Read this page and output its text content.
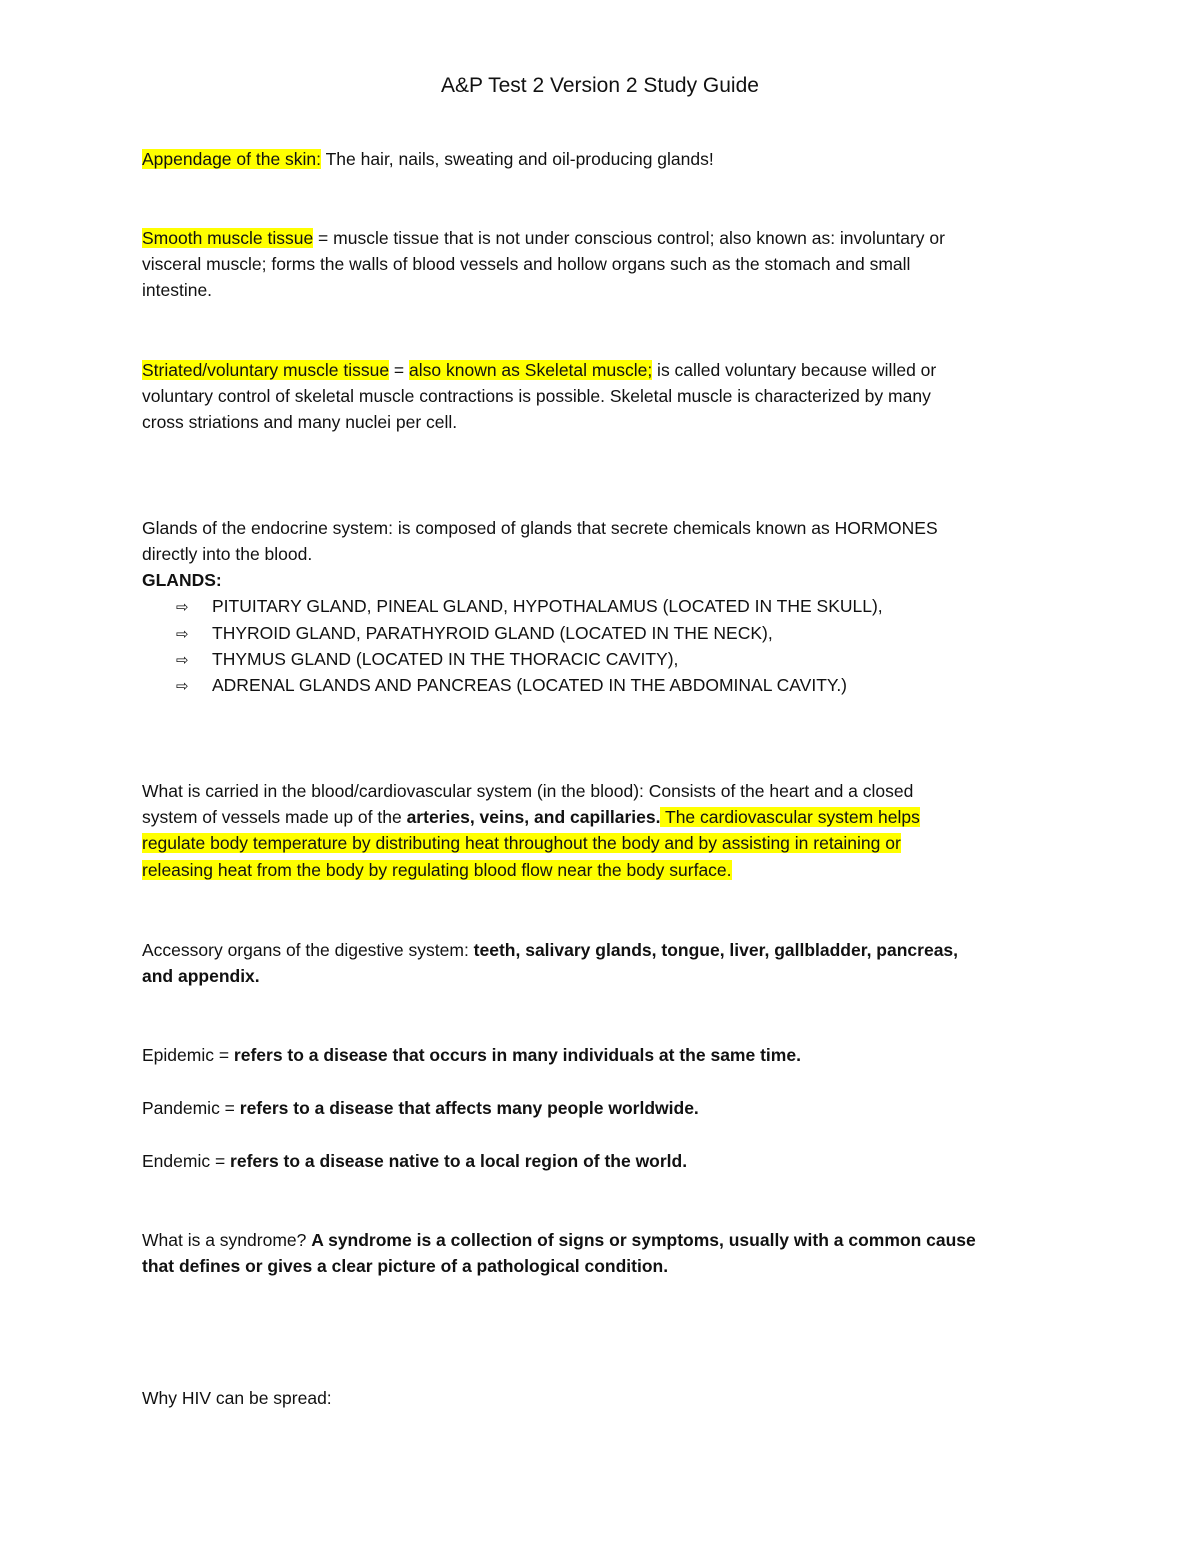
A&P Test 2 Version 2 Study Guide
Appendage of the skin: The hair, nails, sweating and oil-producing glands!
Smooth muscle tissue = muscle tissue that is not under conscious control; also known as: involuntary or
visceral muscle; forms the walls of blood vessels and hollow organs such as the stomach and small
intestine.
Striated/voluntary muscle tissue = also known as Skeletal muscle; is called voluntary because willed or
voluntary control of skeletal muscle contractions is possible. Skeletal muscle is characterized by many
cross striations and many nuclei per cell.
Glands of the endocrine system: is composed of glands that secrete chemicals known as HORMONES
directly into the blood.
GLANDS:
⇨ PITUITARY GLAND, PINEAL GLAND, HYPOTHALAMUS (LOCATED IN THE SKULL),
⇨ THYROID GLAND, PARATHYROID GLAND (LOCATED IN THE NECK),
⇨ THYMUS GLAND (LOCATED IN THE THORACIC CAVITY),
⇨ ADRENAL GLANDS AND PANCREAS (LOCATED IN THE ABDOMINAL CAVITY.)
What is carried in the blood/cardiovascular system (in the blood): Consists of the heart and a closed
system of vessels made up of the arteries, veins, and capillaries. The cardiovascular system helps
regulate body temperature by distributing heat throughout the body and by assisting in retaining or
releasing heat from the body by regulating blood flow near the body surface.
Accessory organs of the digestive system: teeth, salivary glands, tongue, liver, gallbladder, pancreas,
and appendix.
Epidemic = refers to a disease that occurs in many individuals at the same time.
Pandemic = refers to a disease that affects many people worldwide.
Endemic = refers to a disease native to a local region of the world.
What is a syndrome? A syndrome is a collection of signs or symptoms, usually with a common cause
that defines or gives a clear picture of a pathological condition.
Why HIV can be spread:
